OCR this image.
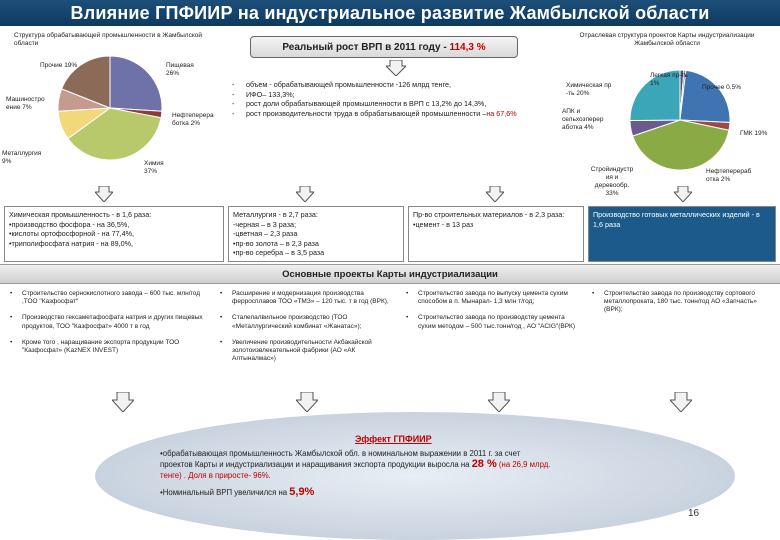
Влияние ГПФИИР на индустриальное развитие Жамбылской области
Структура обрабатывающей промышленности в Жамбылской области
Прочие 19%	Пищевая 26%
Машиностро ение 7%
Нефтеперера ботка 2%
Металлургия 9%	Химия 37%
Реальный рост ВРП в 2011 году - 114,3 %
- объем - обрабатывающей промышленности -126 млрд тенге,
- ИФО– 133,3%;
- рост доли обрабатывающей промышленности в ВРП с 13,2% до 14,3%,
- рост производительности труда в обрабатывающей промышленности –на 67,6%
Отраслевая структура проектов Карты индустриализации Жамбылской области
Легкая пр-ть 1%
Прочее 0.5%
Химическая пр -ть 20%
АПК и сельхозперер аботка 4%
ГМК 19%
Нефтеперераб отка 2%
Стройиндустр ия и деревообр. 33%
Химическая промышленность - в 1,6 раза:
•производство фосфора - на 36,5%,
•кислоты ортофосфорной - на 77,4%,
•триполифосфата натрия - на 89,0%,
Металлургия - в 2,7 раза:
-черная – в 3 раза;
-цветная – 2,3 раза
•пр-во золота – в 2,3 раза
•пр-во серебра – в 3,5 раза
Пр-во строительных материалов - в 2,3 раза:
•цемент - в 13 раз
Производство готовых металлических изделий - в 1,6 раза
Основные проекты Карты индустриализации
• Строительство сернокислотного завода – 600 тыс. млн/год ,ТОО "Казфосфат"
• Производство гексаметафосфата натрия и других пищевых продуктов, ТОО "Казфосфат» 4000 т в год
• Кроме того , наращивание экспорта продукции ТОО "Казфосфат» (KazNEX INVEST)
• Расширение и модернизация производства ферросплавов ТОО «ТМЗ» – 120 тыс. т в год (ВРК),
• Сталепалвильное производство (ТОО «Металлургический комбинат «Жанатас»);
• Увеличение производительности Акбакайской золотоизвлекательной фабрики (АО «АК Алтыналмас»)
• Строительство завода по выпуску цемента сухим способом в п. Мынарал- 1,3 млн т/год;
• Строительство завода по производству цемента сухим методом – 500 тыс.тонн/год , АО "АСIG"(ВРК)
• Строительство завода по производству сортового металлопроката, 180 тыс. тонн/год АО «Запчасть» (ВРК);
Эффект ГПФИИР
•обрабатывающая промышленность Жамбылской обл. в номинальном выражении в 2011 г. за счет
проектов Карты и индустриализации и наращивания экспорта продукции выросла на 28 % (на 26,9 млрд.
тенге) . Доля в приросте- 96%.
•Номинальный ВРП увеличился на 5,9%
16
